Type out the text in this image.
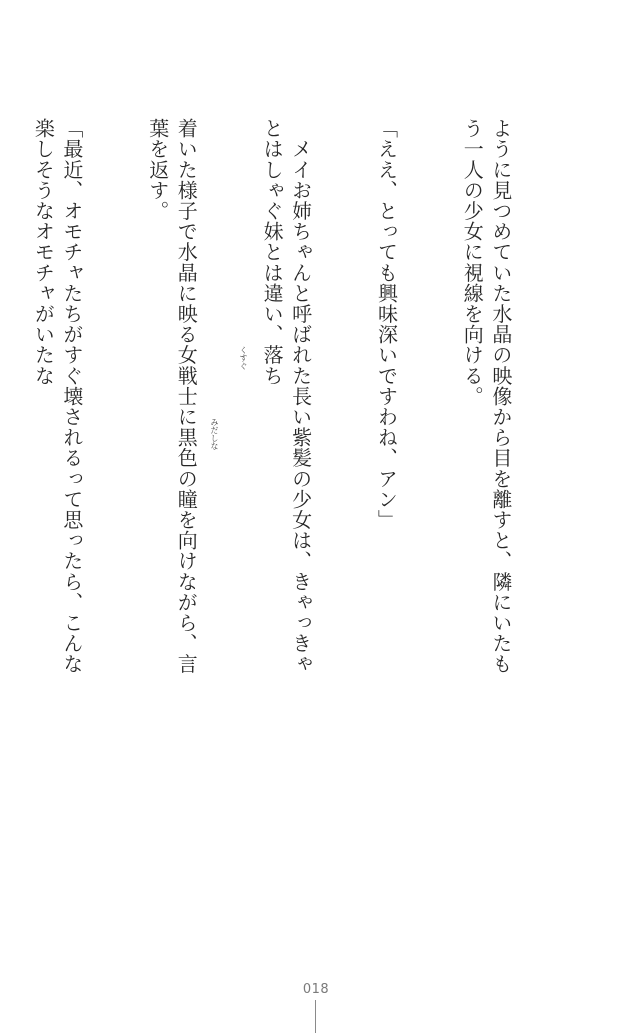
ように見つめていた水晶の映像から目を離すと、隣にいたもう一人の少女に視線を向ける。

「ええ、とっても興味深いですわね、アン」

　メイお姉ちゃんと呼ばれた長い紫髪の少女は、きゃっきゃとはしゃぐ妹とは違い、落ち

着いた様子で水晶に映る女戦士に黒色の瞳を向けながら、言葉を返す。

「最近、オモチャたちがすぐ壊されるって思ったら、こんな楽しそうなオモチャがいたな

	くすぐ
みだしな
018
